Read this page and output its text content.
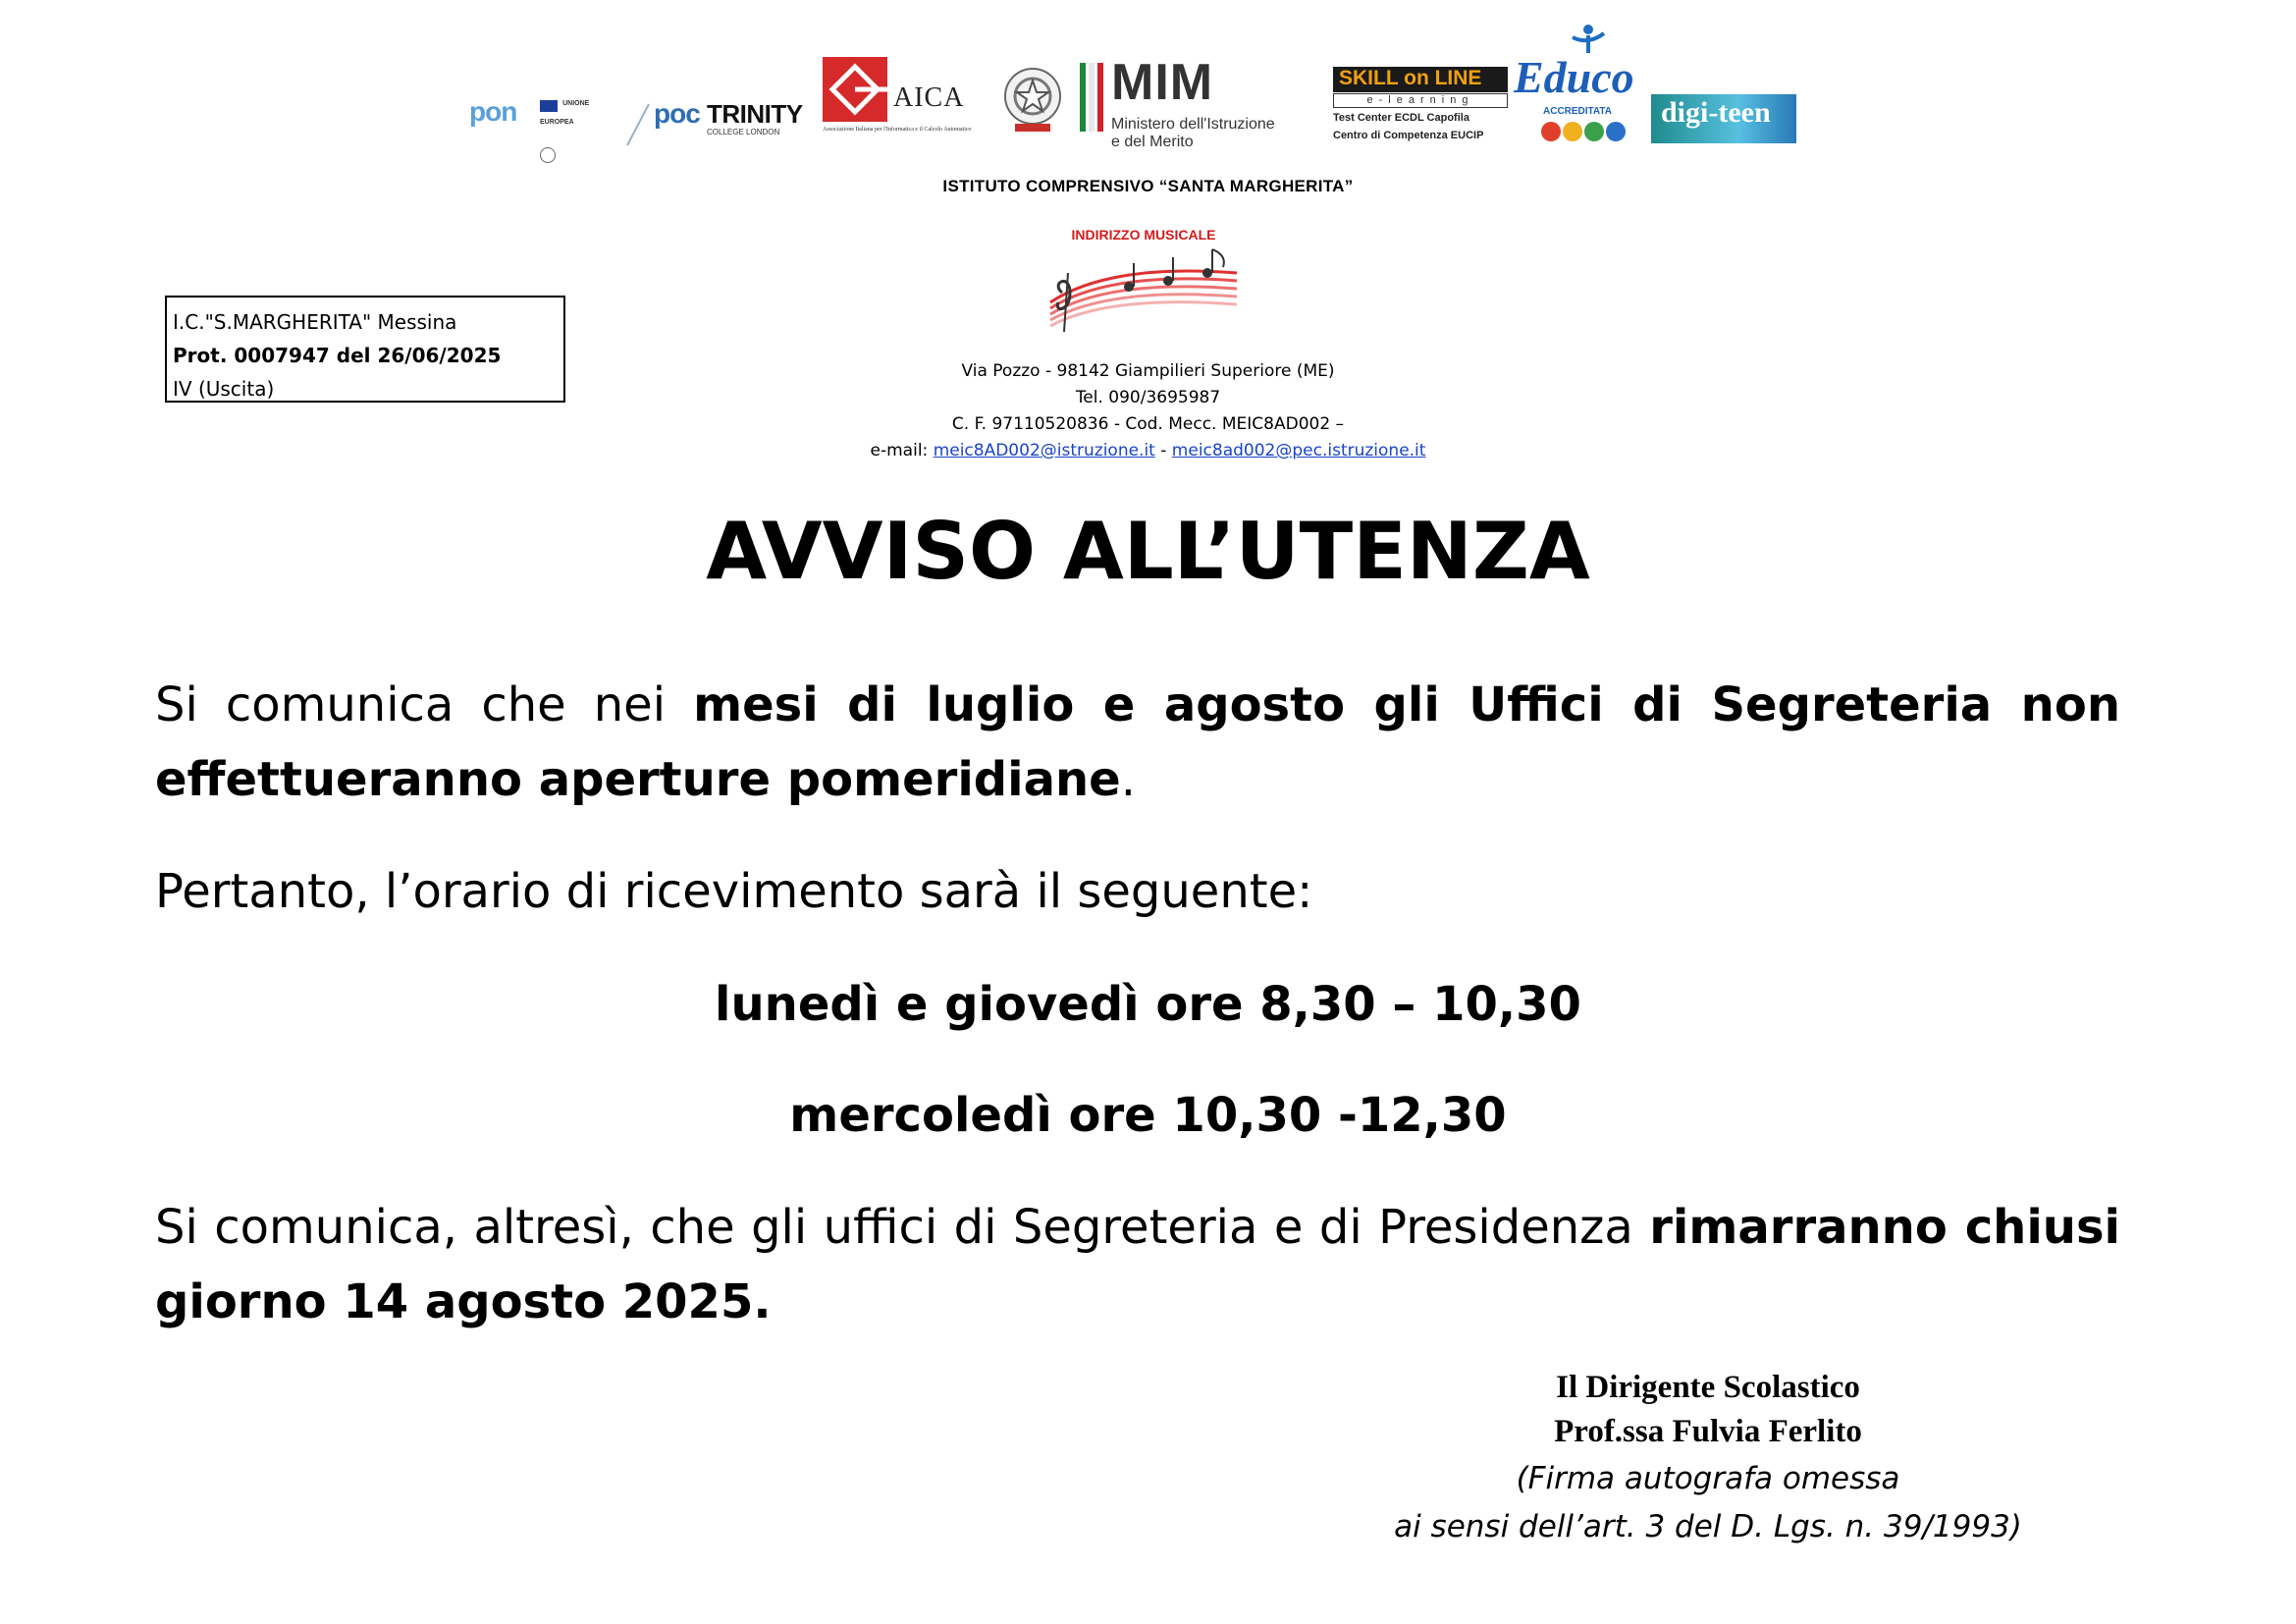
pon	$^{UNIONE EUROPEA}$	poc TRINITY
COLLEGE LONDON
AICA
Associazione Italiana per l'Informatica e il Calcolo Automatico
MIM
Ministero dell'Istruzione
e del Merito
SKILL on LINE
e-learning
Test Center ECDL Capofila
Centro di Competenza EUCIP
Educo
ACCREDITATA digi-teen
ISTITUTO COMPRENSIVO “SANTA MARGHERITA”
INDIRIZZO MUSICALE
I.C."S.MARGHERITA" Messina
Prot. 0007947 del 26/06/2025
IV (Uscita)
Via Pozzo - 98142 Giampilieri Superiore (ME)
Tel. 090/3695987
C. F. 97110520836 - Cod. Mecc. MEIC8AD002 –
e-mail: meic8AD002@istruzione.it - meic8ad002@pec.istruzione.it
AVVISO ALL’UTENZA
Si comunica che nei mesi di luglio e agosto gli Uffici di Segreteria non effettueranno aperture pomeridiane.
Pertanto, l’orario di ricevimento sarà il seguente:
lunedì e giovedì ore 8,30 – 10,30
mercoledì ore 10,30 -12,30
Si comunica, altresì, che gli uffici di Segreteria e di Presidenza rimarranno chiusi giorno 14 agosto 2025.
Il Dirigente Scolastico
Prof.ssa Fulvia Ferlito
(Firma autografa omessa
ai sensi dell’art. 3 del D. Lgs. n. 39/1993)
